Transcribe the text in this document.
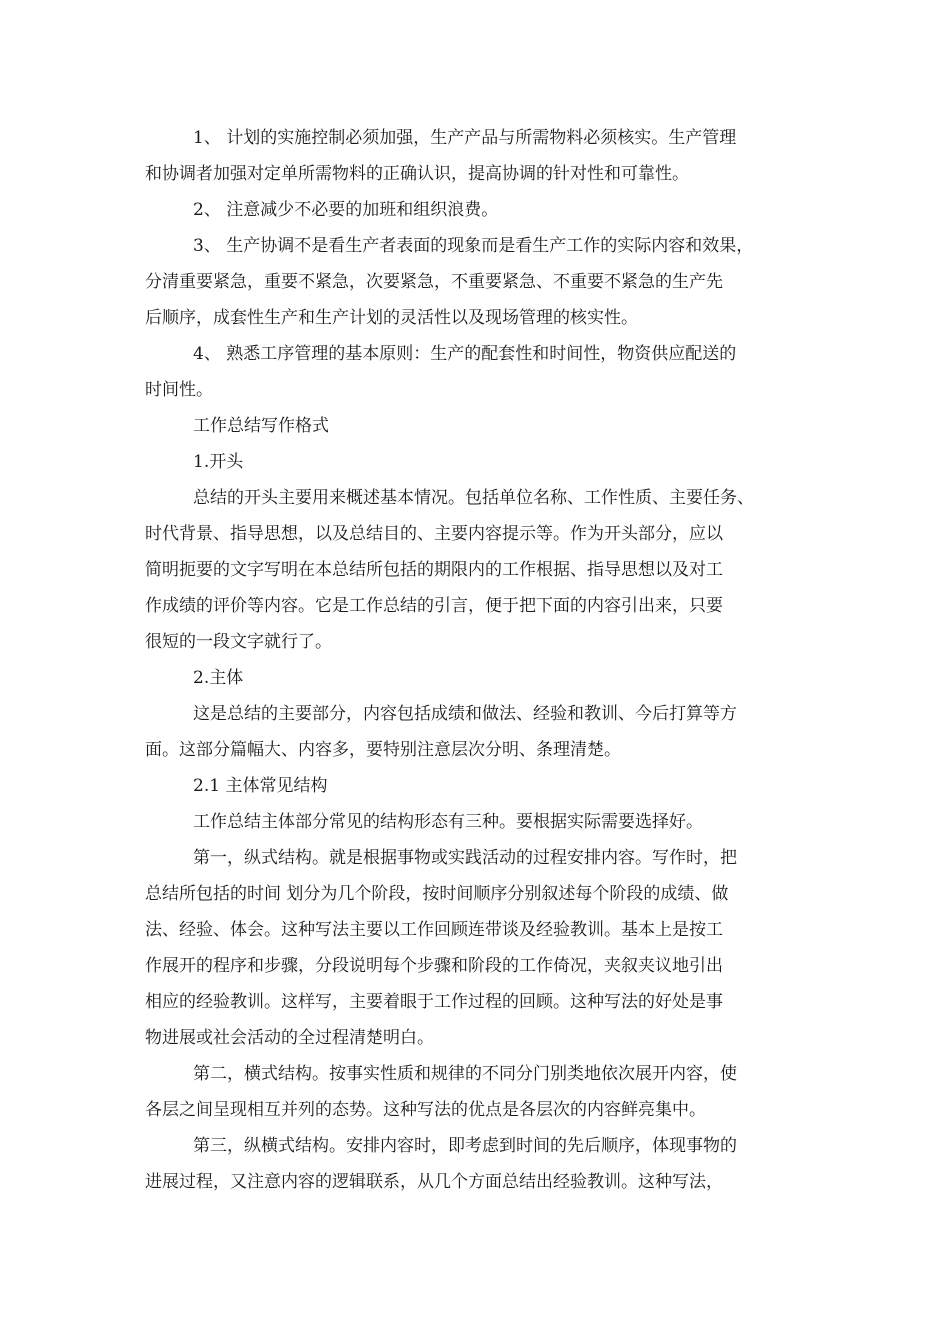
1、 计划的实施控制必须加强，生产产品与所需物料必须核实。生产管理
和协调者加强对定单所需物料的正确认识，提高协调的针对性和可靠性。
2、 注意减少不必要的加班和组织浪费。
3、 生产协调不是看生产者表面的现象而是看生产工作的实际内容和效果，
分清重要紧急，重要不紧急，次要紧急，不重要紧急、不重要不紧急的生产先
后顺序，成套性生产和生产计划的灵活性以及现场管理的核实性。
4、 熟悉工序管理的基本原则：生产的配套性和时间性，物资供应配送的
时间性。
工作总结写作格式
1.开头
总结的开头主要用来概述基本情况。包括单位名称、工作性质、主要任务、
时代背景、指导思想，以及总结目的、主要内容提示等。作为开头部分，应以
简明扼要的文字写明在本总结所包括的期限内的工作根据、指导思想以及对工
作成绩的评价等内容。它是工作总结的引言，便于把下面的内容引出来，只要
很短的一段文字就行了。
2.主体
这是总结的主要部分，内容包括成绩和做法、经验和教训、今后打算等方
面。这部分篇幅大、内容多，要特别注意层次分明、条理清楚。
2.1 主体常见结构
工作总结主体部分常见的结构形态有三种。要根据实际需要选择好。
第一，纵式结构。就是根据事物或实践活动的过程安排内容。写作时，把
总结所包括的时间 划分为几个阶段，按时间顺序分别叙述每个阶段的成绩、做
法、经验、体会。这种写法主要以工作回顾连带谈及经验教训。基本上是按工
作展开的程序和步骤，分段说明每个步骤和阶段的工作倚况，夹叙夹议地引出
相应的经验教训。这样写，主要着眼于工作过程的回顾。这种写法的好处是事
物进展或社会活动的全过程清楚明白。
第二，横式结构。按事实性质和规律的不同分门别类地依次展开内容，使
各层之间呈现相互并列的态势。这种写法的优点是各层次的内容鲜亮集中。
第三，纵横式结构。安排内容时，即考虑到时间的先后顺序，体现事物的
进展过程，又注意内容的逻辑联系，从几个方面总结出经验教训。这种写法，
